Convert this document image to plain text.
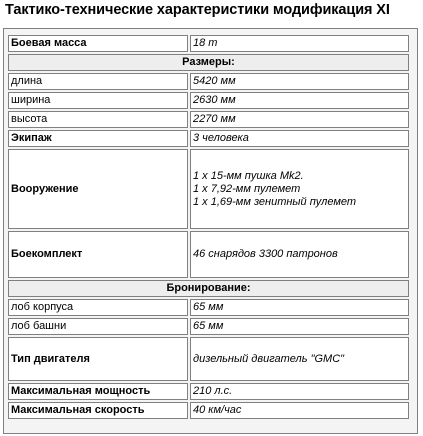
Тактико-технические характеристики модификация XI
Боевая масса	18 т
Размеры:	
длина	5420 мм
ширина	2630 мм
высота	2270 мм
Экипаж	3 человека
Вооружение	1 х 15-мм пушка Mk2.
1 х 7,92-мм пулемет
1 х 1,69-мм зенитный пулемет

Боекомплект	46 снарядов 3300 патронов
Бронирование:	
лоб корпуса	65 мм
лоб башни	65 мм
Тип двигателя	дизельный двигатель "GMC"
Максимальная мощность	210 л.с.
Максимальная скорость	40 км/час
